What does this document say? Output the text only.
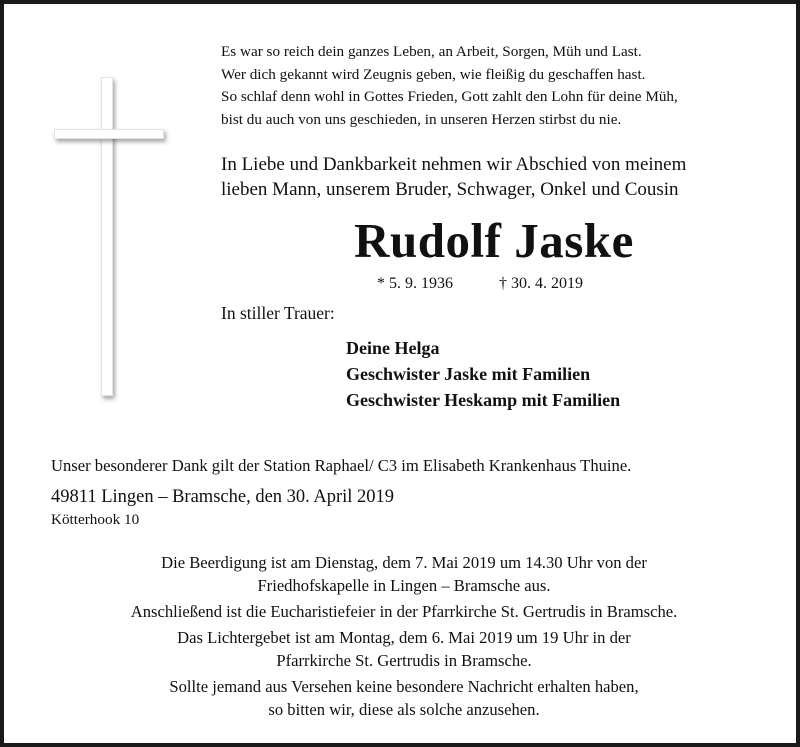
Es war so reich dein ganzes Leben, an Arbeit, Sorgen, Müh und Last.
Wer dich gekannt wird Zeugnis geben, wie fleißig du geschaffen hast.
So schlaf denn wohl in Gottes Frieden, Gott zahlt den Lohn für deine Müh,
bist du auch von uns geschieden, in unseren Herzen stirbst du nie.
In Liebe und Dankbarkeit nehmen wir Abschied von meinem
lieben Mann, unserem Bruder, Schwager, Onkel und Cousin
Rudolf Jaske
* 5. 9. 1936	† 30. 4. 2019
In stiller Trauer:
Deine Helga
Geschwister Jaske mit Familien
Geschwister Heskamp mit Familien
Unser besonderer Dank gilt der Station Raphael/ C3 im Elisabeth Krankenhaus Thuine.
49811 Lingen – Bramsche, den 30. April 2019
Kötterhook 10
Die Beerdigung ist am Dienstag, dem 7. Mai 2019 um 14.30 Uhr von der
Friedhofskapelle in Lingen – Bramsche aus.
Anschließend ist die Eucharistiefeier in der Pfarrkirche St. Gertrudis in Bramsche.
Das Lichtergebet ist am Montag, dem 6. Mai 2019 um 19 Uhr in der
Pfarrkirche St. Gertrudis in Bramsche.
Sollte jemand aus Versehen keine besondere Nachricht erhalten haben,
so bitten wir, diese als solche anzusehen.
